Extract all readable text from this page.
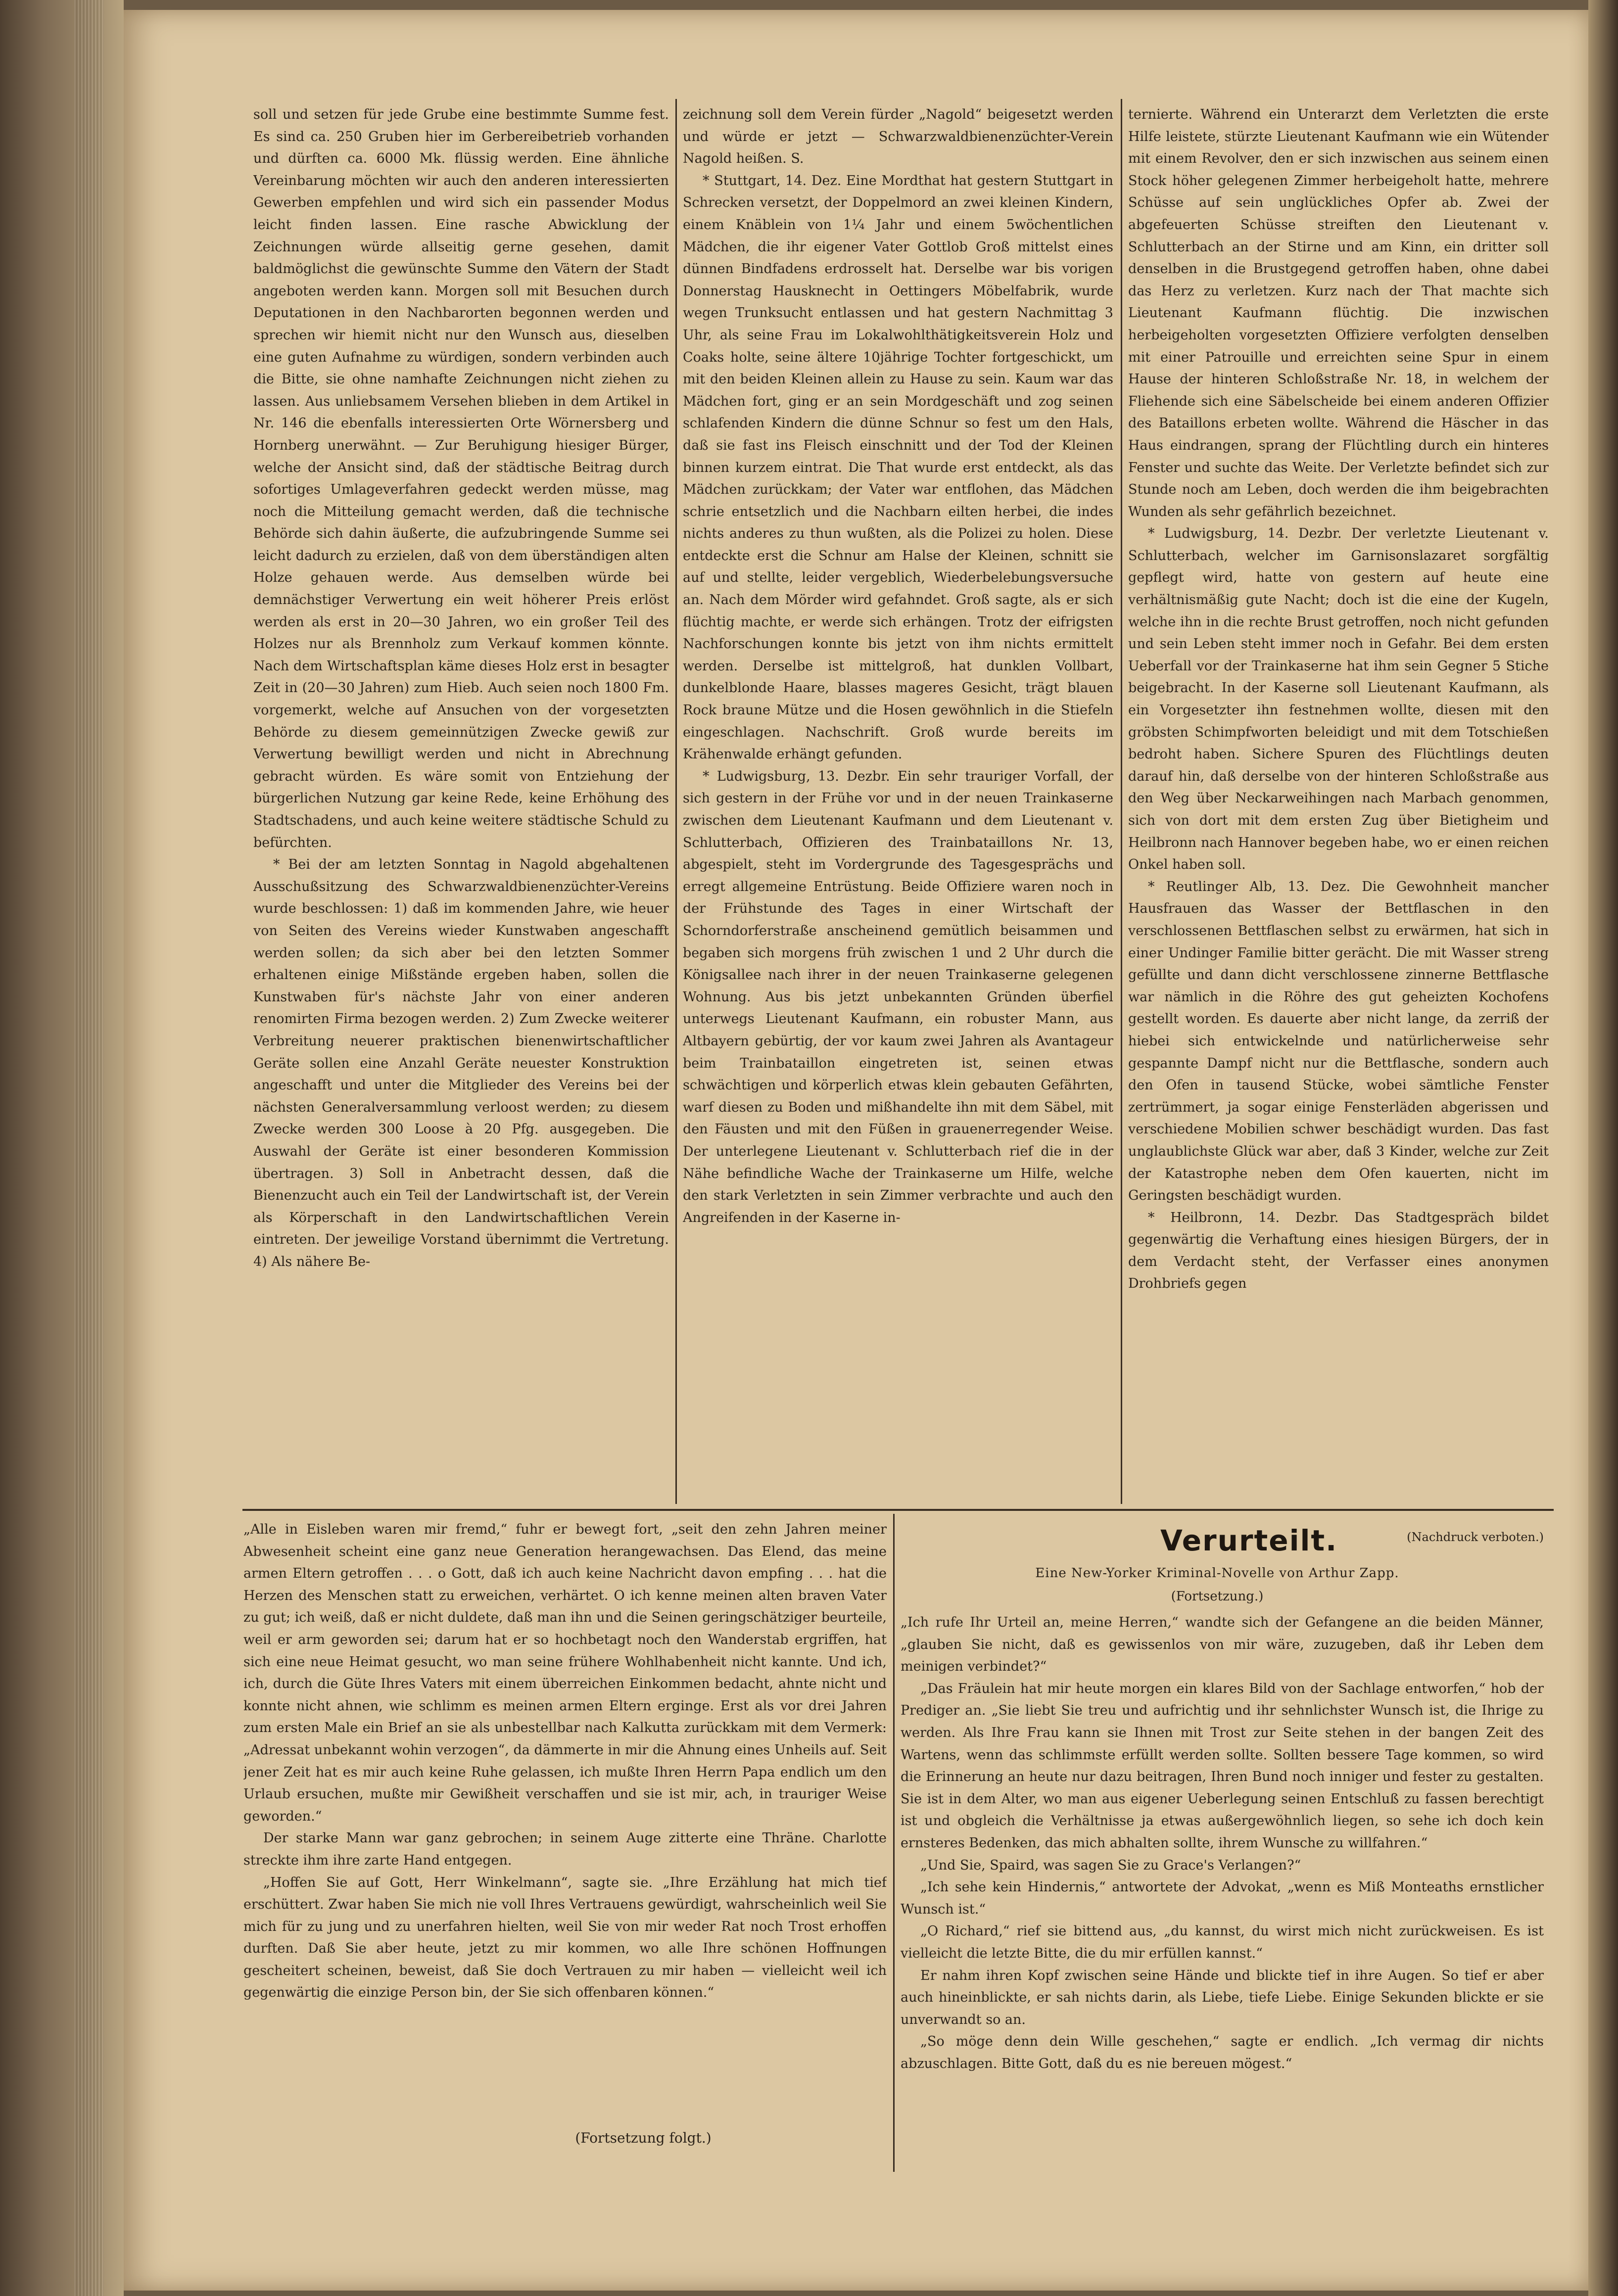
soll und setzen für jede Grube eine bestimmte Summe fest. Es sind ca. 250 Gruben hier im Gerbereibetrieb vorhanden und dürften ca. 6000 Mk. flüssig werden. Eine ähnliche Vereinbarung möchten wir auch den anderen interessierten Gewerben empfehlen und wird sich ein passender Modus leicht finden lassen. Eine rasche Abwicklung der Zeichnungen würde allseitig gerne gesehen, damit baldmöglichst die gewünschte Summe den Vätern der Stadt angeboten werden kann. Morgen soll mit Besuchen durch Deputationen in den Nachbarorten begonnen werden und sprechen wir hiemit nicht nur den Wunsch aus, dieselben eine guten Aufnahme zu würdigen, sondern verbinden auch die Bitte, sie ohne namhafte Zeichnungen nicht ziehen zu lassen. Aus unliebsamem Versehen blieben in dem Artikel in Nr. 146 die ebenfalls interessierten Orte Wörnersberg und Hornberg unerwähnt. — Zur Beruhigung hiesiger Bürger, welche der Ansicht sind, daß der städtische Beitrag durch sofortiges Umlageverfahren gedeckt werden müsse, mag noch die Mitteilung gemacht werden, daß die technische Behörde sich dahin äußerte, die aufzubringende Summe sei leicht dadurch zu erzielen, daß von dem überständigen alten Holze gehauen werde. Aus demselben würde bei demnächstiger Verwertung ein weit höherer Preis erlöst werden als erst in 20—30 Jahren, wo ein großer Teil des Holzes nur als Brennholz zum Verkauf kommen könnte. Nach dem Wirtschaftsplan käme dieses Holz erst in besagter Zeit in (20—30 Jahren) zum Hieb. Auch seien noch 1800 Fm. vorgemerkt, welche auf Ansuchen von der vorgesetzten Behörde zu diesem gemeinnützigen Zwecke gewiß zur Verwertung bewilligt werden und nicht in Abrechnung gebracht würden. Es wäre somit von Entziehung der bürgerlichen Nutzung gar keine Rede, keine Erhöhung des Stadtschadens, und auch keine weitere städtische Schuld zu befürchten.

* Bei der am letzten Sonntag in Nagold abgehaltenen Ausschußsitzung des Schwarzwaldbienenzüchter-Vereins wurde beschlossen: 1) daß im kommenden Jahre, wie heuer von Seiten des Vereins wieder Kunstwaben angeschafft werden sollen; da sich aber bei den letzten Sommer erhaltenen einige Mißstände ergeben haben, sollen die Kunstwaben für's nächste Jahr von einer anderen renomirten Firma bezogen werden. 2) Zum Zwecke weiterer Verbreitung neuerer praktischen bienenwirtschaftlicher Geräte sollen eine Anzahl Geräte neuester Konstruktion angeschafft und unter die Mitglieder des Vereins bei der nächsten Generalversammlung verloost werden; zu diesem Zwecke werden 300 Loose à 20 Pfg. ausgegeben. Die Auswahl der Geräte ist einer besonderen Kommission übertragen. 3) Soll in Anbetracht dessen, daß die Bienenzucht auch ein Teil der Landwirtschaft ist, der Verein als Körperschaft in den Landwirtschaftlichen Verein eintreten. Der jeweilige Vorstand übernimmt die Vertretung. 4) Als nähere Be-

zeichnung soll dem Verein fürder „Nagold“ beigesetzt werden und würde er jetzt — Schwarzwaldbienenzüchter-Verein Nagold heißen. S.

* Stuttgart, 14. Dez. Eine Mordthat hat gestern Stuttgart in Schrecken versetzt, der Doppelmord an zwei kleinen Kindern, einem Knäblein von 1¼ Jahr und einem 5wöchentlichen Mädchen, die ihr eigener Vater Gottlob Groß mittelst eines dünnen Bindfadens erdrosselt hat. Derselbe war bis vorigen Donnerstag Hausknecht in Oettingers Möbelfabrik, wurde wegen Trunksucht entlassen und hat gestern Nachmittag 3 Uhr, als seine Frau im Lokalwohlthätigkeitsverein Holz und Coaks holte, seine ältere 10jährige Tochter fortgeschickt, um mit den beiden Kleinen allein zu Hause zu sein. Kaum war das Mädchen fort, ging er an sein Mordgeschäft und zog seinen schlafenden Kindern die dünne Schnur so fest um den Hals, daß sie fast ins Fleisch einschnitt und der Tod der Kleinen binnen kurzem eintrat. Die That wurde erst entdeckt, als das Mädchen zurückkam; der Vater war entflohen, das Mädchen schrie entsetzlich und die Nachbarn eilten herbei, die indes nichts anderes zu thun wußten, als die Polizei zu holen. Diese entdeckte erst die Schnur am Halse der Kleinen, schnitt sie auf und stellte, leider vergeblich, Wiederbelebungsversuche an. Nach dem Mörder wird gefahndet. Groß sagte, als er sich flüchtig machte, er werde sich erhängen. Trotz der eifrigsten Nachforschungen konnte bis jetzt von ihm nichts ermittelt werden. Derselbe ist mittelgroß, hat dunklen Vollbart, dunkelblonde Haare, blasses mageres Gesicht, trägt blauen Rock braune Mütze und die Hosen gewöhnlich in die Stiefeln eingeschlagen. Nachschrift. Groß wurde bereits im Krähenwalde erhängt gefunden.

* Ludwigsburg, 13. Dezbr. Ein sehr trauriger Vorfall, der sich gestern in der Frühe vor und in der neuen Trainkaserne zwischen dem Lieutenant Kaufmann und dem Lieutenant v. Schlutterbach, Offizieren des Trainbataillons Nr. 13, abgespielt, steht im Vordergrunde des Tagesgesprächs und erregt allgemeine Entrüstung. Beide Offiziere waren noch in der Frühstunde des Tages in einer Wirtschaft der Schorndorferstraße anscheinend gemütlich beisammen und begaben sich morgens früh zwischen 1 und 2 Uhr durch die Königsallee nach ihrer in der neuen Trainkaserne gelegenen Wohnung. Aus bis jetzt unbekannten Gründen überfiel unterwegs Lieutenant Kaufmann, ein robuster Mann, aus Altbayern gebürtig, der vor kaum zwei Jahren als Avantageur beim Trainbataillon eingetreten ist, seinen etwas schwächtigen und körperlich etwas klein gebauten Gefährten, warf diesen zu Boden und mißhandelte ihn mit dem Säbel, mit den Fäusten und mit den Füßen in grauenerregender Weise. Der unterlegene Lieutenant v. Schlutterbach rief die in der Nähe befindliche Wache der Trainkaserne um Hilfe, welche den stark Verletzten in sein Zimmer verbrachte und auch den Angreifenden in der Kaserne in-

ternierte. Während ein Unterarzt dem Verletzten die erste Hilfe leistete, stürzte Lieutenant Kaufmann wie ein Wütender mit einem Revolver, den er sich inzwischen aus seinem einen Stock höher gelegenen Zimmer herbeigeholt hatte, mehrere Schüsse auf sein unglückliches Opfer ab. Zwei der abgefeuerten Schüsse streiften den Lieutenant v. Schlutterbach an der Stirne und am Kinn, ein dritter soll denselben in die Brustgegend getroffen haben, ohne dabei das Herz zu verletzen. Kurz nach der That machte sich Lieutenant Kaufmann flüchtig. Die inzwischen herbeigeholten vorgesetzten Offiziere verfolgten denselben mit einer Patrouille und erreichten seine Spur in einem Hause der hinteren Schloßstraße Nr. 18, in welchem der Fliehende sich eine Säbelscheide bei einem anderen Offizier des Bataillons erbeten wollte. Während die Häscher in das Haus eindrangen, sprang der Flüchtling durch ein hinteres Fenster und suchte das Weite. Der Verletzte befindet sich zur Stunde noch am Leben, doch werden die ihm beigebrachten Wunden als sehr gefährlich bezeichnet.

* Ludwigsburg, 14. Dezbr. Der verletzte Lieutenant v. Schlutterbach, welcher im Garnisonslazaret sorgfältig gepflegt wird, hatte von gestern auf heute eine verhältnismäßig gute Nacht; doch ist die eine der Kugeln, welche ihn in die rechte Brust getroffen, noch nicht gefunden und sein Leben steht immer noch in Gefahr. Bei dem ersten Ueberfall vor der Trainkaserne hat ihm sein Gegner 5 Stiche beigebracht. In der Kaserne soll Lieutenant Kaufmann, als ein Vorgesetzter ihn festnehmen wollte, diesen mit den gröbsten Schimpfworten beleidigt und mit dem Totschießen bedroht haben. Sichere Spuren des Flüchtlings deuten darauf hin, daß derselbe von der hinteren Schloßstraße aus den Weg über Neckarweihingen nach Marbach genommen, sich von dort mit dem ersten Zug über Bietigheim und Heilbronn nach Hannover begeben habe, wo er einen reichen Onkel haben soll.

* Reutlinger Alb, 13. Dez. Die Gewohnheit mancher Hausfrauen das Wasser der Bettflaschen in den verschlossenen Bettflaschen selbst zu erwärmen, hat sich in einer Undinger Familie bitter gerächt. Die mit Wasser streng gefüllte und dann dicht verschlossene zinnerne Bettflasche war nämlich in die Röhre des gut geheizten Kochofens gestellt worden. Es dauerte aber nicht lange, da zerriß der hiebei sich entwickelnde und natürlicherweise sehr gespannte Dampf nicht nur die Bettflasche, sondern auch den Ofen in tausend Stücke, wobei sämtliche Fenster zertrümmert, ja sogar einige Fensterläden abgerissen und verschiedene Mobilien schwer beschädigt wurden. Das fast unglaublichste Glück war aber, daß 3 Kinder, welche zur Zeit der Katastrophe neben dem Ofen kauerten, nicht im Geringsten beschädigt wurden.

* Heilbronn, 14. Dezbr. Das Stadtgespräch bildet gegenwärtig die Verhaftung eines hiesigen Bürgers, der in dem Verdacht steht, der Verfasser eines anonymen Drohbriefs gegen

„Alle in Eisleben waren mir fremd,“ fuhr er bewegt fort, „seit den zehn Jahren meiner Abwesenheit scheint eine ganz neue Generation herangewachsen. Das Elend, das meine armen Eltern getroffen . . . o Gott, daß ich auch keine Nachricht davon empfing . . . hat die Herzen des Menschen statt zu erweichen, verhärtet. O ich kenne meinen alten braven Vater zu gut; ich weiß, daß er nicht duldete, daß man ihn und die Seinen geringschätziger beurteile, weil er arm geworden sei; darum hat er so hochbetagt noch den Wanderstab ergriffen, hat sich eine neue Heimat gesucht, wo man seine frühere Wohlhabenheit nicht kannte. Und ich, ich, durch die Güte Ihres Vaters mit einem überreichen Einkommen bedacht, ahnte nicht und konnte nicht ahnen, wie schlimm es meinen armen Eltern erginge. Erst als vor drei Jahren zum ersten Male ein Brief an sie als unbestellbar nach Kalkutta zurückkam mit dem Vermerk: „Adressat unbekannt wohin verzogen“, da dämmerte in mir die Ahnung eines Unheils auf. Seit jener Zeit hat es mir auch keine Ruhe gelassen, ich mußte Ihren Herrn Papa endlich um den Urlaub ersuchen, mußte mir Gewißheit verschaffen und sie ist mir, ach, in trauriger Weise geworden.“

Der starke Mann war ganz gebrochen; in seinem Auge zitterte eine Thräne. Charlotte streckte ihm ihre zarte Hand entgegen.

„Hoffen Sie auf Gott, Herr Winkelmann“, sagte sie. „Ihre Erzählung hat mich tief erschüttert. Zwar haben Sie mich nie voll Ihres Vertrauens gewürdigt, wahrscheinlich weil Sie mich für zu jung und zu unerfahren hielten, weil Sie von mir weder Rat noch Trost erhoffen durften. Daß Sie aber heute, jetzt zu mir kommen, wo alle Ihre schönen Hoffnungen gescheitert scheinen, beweist, daß Sie doch Vertrauen zu mir haben — vielleicht weil ich gegenwärtig die einzige Person bin, der Sie sich offenbaren können.“

(Fortsetzung folgt.)
Verurteilt.	(Nachdruck verboten.)
Eine New-Yorker Kriminal-Novelle von Arthur Zapp.
(Fortsetzung.)

„Ich rufe Ihr Urteil an, meine Herren,“ wandte sich der Gefangene an die beiden Männer, „glauben Sie nicht, daß es gewissenlos von mir wäre, zuzugeben, daß ihr Leben dem meinigen verbindet?“

„Das Fräulein hat mir heute morgen ein klares Bild von der Sachlage entworfen,“ hob der Prediger an. „Sie liebt Sie treu und aufrichtig und ihr sehnlichster Wunsch ist, die Ihrige zu werden. Als Ihre Frau kann sie Ihnen mit Trost zur Seite stehen in der bangen Zeit des Wartens, wenn das schlimmste erfüllt werden sollte. Sollten bessere Tage kommen, so wird die Erinnerung an heute nur dazu beitragen, Ihren Bund noch inniger und fester zu gestalten. Sie ist in dem Alter, wo man aus eigener Ueberlegung seinen Entschluß zu fassen berechtigt ist und obgleich die Verhältnisse ja etwas außergewöhnlich liegen, so sehe ich doch kein ernsteres Bedenken, das mich abhalten sollte, ihrem Wunsche zu willfahren.“

„Und Sie, Spaird, was sagen Sie zu Grace's Verlangen?“

„Ich sehe kein Hindernis,“ antwortete der Advokat, „wenn es Miß Monteaths ernstlicher Wunsch ist.“

„O Richard,“ rief sie bittend aus, „du kannst, du wirst mich nicht zurückweisen. Es ist vielleicht die letzte Bitte, die du mir erfüllen kannst.“

Er nahm ihren Kopf zwischen seine Hände und blickte tief in ihre Augen. So tief er aber auch hineinblickte, er sah nichts darin, als Liebe, tiefe Liebe. Einige Sekunden blickte er sie unverwandt so an.

„So möge denn dein Wille geschehen,“ sagte er endlich. „Ich vermag dir nichts abzuschlagen. Bitte Gott, daß du es nie bereuen mögest.“
